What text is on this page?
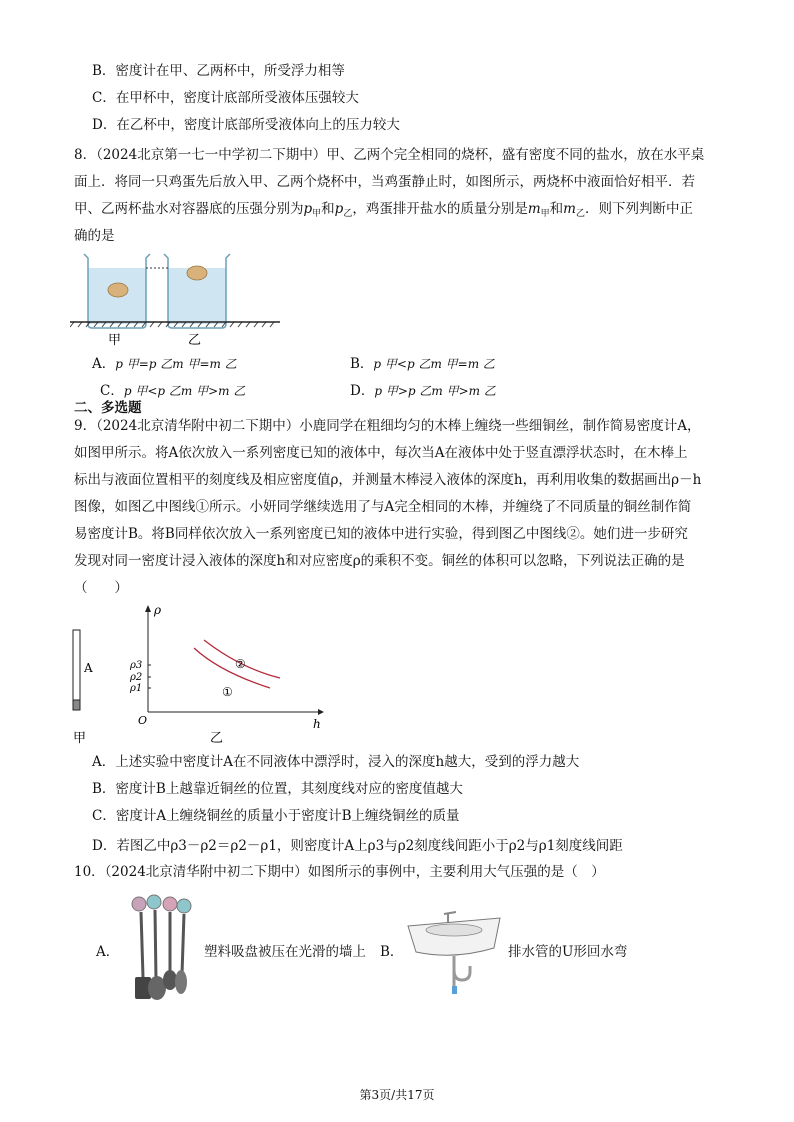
B．密度计在甲、乙两杯中，所受浮力相等
C．在甲杯中，密度计底部所受液体压强较大
D．在乙杯中，密度计底部所受液体向上的压力较大
8．（2024北京第一七一中学初二下期中）甲、乙两个完全相同的烧杯，盛有密度不同的盐水，放在水平桌
面上．将同一只鸡蛋先后放入甲、乙两个烧杯中，当鸡蛋静止时，如图所示，两烧杯中液面恰好相平．若
甲、乙两杯盐水对容器底的压强分别为$p_甲$和$p_乙$，鸡蛋排开盐水的质量分别是$m_甲$和$m_乙$．则下列判断中正
确的是
甲	乙
A．p 甲=p 乙m 甲=m 乙	B．p 甲<p 乙m 甲=m 乙
C．p 甲<p 乙m 甲>m 乙	D．p 甲>p 乙m 甲>m 乙
二、多选题
9．（2024北京清华附中初二下期中）小鹿同学在粗细均匀的木棒上缠绕一些细铜丝，制作简易密度计A，
如图甲所示。将A依次放入一系列密度已知的液体中，每次当A在液体中处于竖直漂浮状态时，在木棒上
标出与液面位置相平的刻度线及相应密度值ρ，并测量木棒浸入液体的深度h，再利用收集的数据画出ρ－h
图像，如图乙中图线①所示。小妍同学继续选用了与A完全相同的木棒，并缠绕了不同质量的铜丝制作简
易密度计B。将B同样依次放入一系列密度已知的液体中进行实验，得到图乙中图线②。她们进一步研究
发现对同一密度计浸入液体的深度h和对应密度ρ的乘积不变。铜丝的体积可以忽略，下列说法正确的是
（　　）
A
甲
ρ
h
O
ρ3
ρ2
ρ1
②
①
乙
A．上述实验中密度计A在不同液体中漂浮时，浸入的深度h越大，受到的浮力越大
B．密度计B上越靠近铜丝的位置，其刻度线对应的密度值越大
C．密度计A上缠绕铜丝的质量小于密度计B上缠绕铜丝的质量
D．若图乙中ρ3－ρ2＝ρ2－ρ1，则密度计A上ρ3与ρ2刻度线间距小于ρ2与ρ1刻度线间距
10．（2024北京清华附中初二下期中）如图所示的事例中，主要利用大气压强的是（　）
A．	塑料吸盘被压在光滑的墙上 B．	排水管的U形回水弯
第3页/共17页
